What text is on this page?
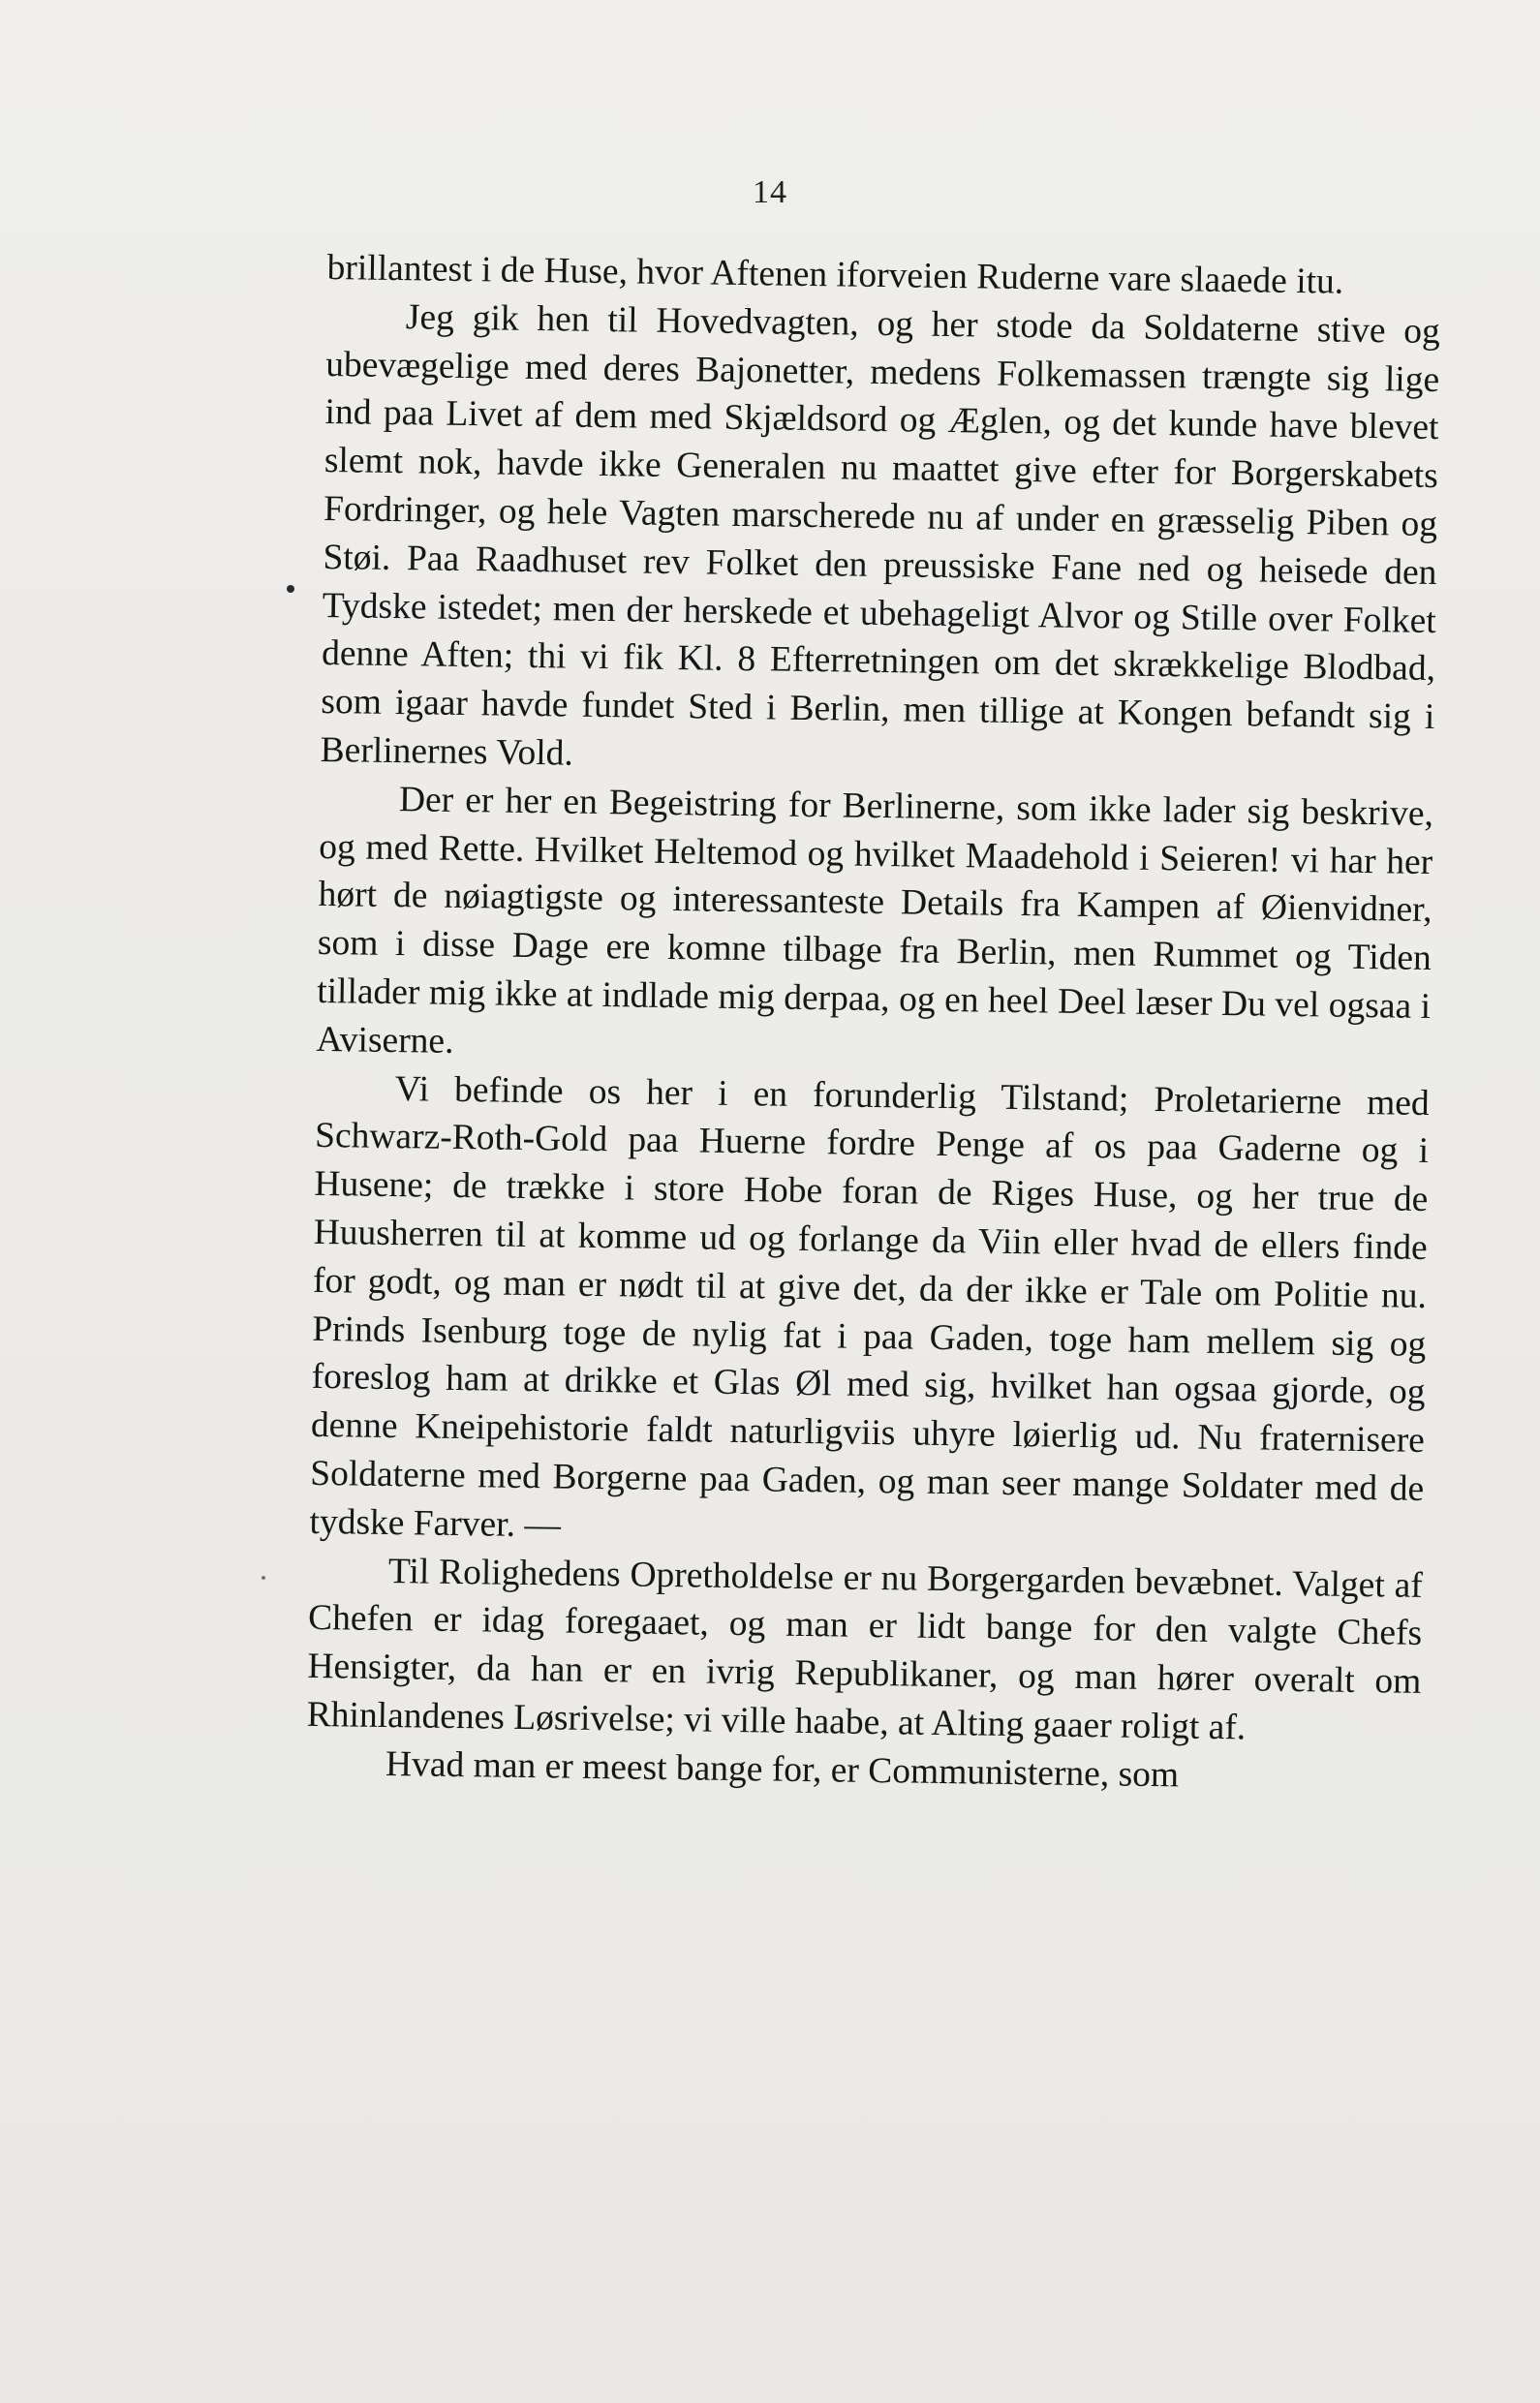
14

brillantest i de Huse, hvor Aftenen iforveien Ruderne vare slaaede itu.

Jeg gik hen til Hovedvagten, og her stode da Soldaterne stive og ubevægelige med deres Bajonetter, medens Folkemassen trængte sig lige ind paa Livet af dem med Skjældsord og Æglen, og det kunde have blevet slemt nok, havde ikke Generalen nu maattet give efter for Borgerskabets Fordringer, og hele Vagten marscherede nu af under en græsselig Piben og Støi. Paa Raadhuset rev Folket den preussiske Fane ned og heisede den Tydske istedet; men der herskede et ubehageligt Alvor og Stille over Folket denne Aften; thi vi fik Kl. 8 Efterretningen om det skrækkelige Blodbad, som igaar havde fundet Sted i Berlin, men tillige at Kongen befandt sig i Berlinernes Vold.

Der er her en Begeistring for Berlinerne, som ikke lader sig beskrive, og med Rette. Hvilket Heltemod og hvilket Maadehold i Seieren! vi har her hørt de nøiagtigste og interessanteste Details fra Kampen af Øienvidner, som i disse Dage ere komne tilbage fra Berlin, men Rummet og Tiden tillader mig ikke at indlade mig derpaa, og en heel Deel læser Du vel ogsaa i Aviserne.

Vi befinde os her i en forunderlig Tilstand; Proletarierne med Schwarz-Roth-Gold paa Huerne fordre Penge af os paa Gaderne og i Husene; de trække i store Hobe foran de Riges Huse, og her true de Huusherren til at komme ud og forlange da Viin eller hvad de ellers finde for godt, og man er nødt til at give det, da der ikke er Tale om Politie nu. Prinds Isenburg toge de nylig fat i paa Gaden, toge ham mellem sig og foreslog ham at drikke et Glas Øl med sig, hvilket han ogsaa gjorde, og denne Kneipehistorie faldt naturligviis uhyre løierlig ud. Nu fraternisere Soldaterne med Borgerne paa Gaden, og man seer mange Soldater med de tydske Farver. —

Til Rolighedens Opretholdelse er nu Borgergarden bevæbnet. Valget af Chefen er idag foregaaet, og man er lidt bange for den valgte Chefs Hensigter, da han er en ivrig Republikaner, og man hører overalt om Rhinlandenes Løsrivelse; vi ville haabe, at Alting gaaer roligt af.

Hvad man er meest bange for, er Communisterne, som
